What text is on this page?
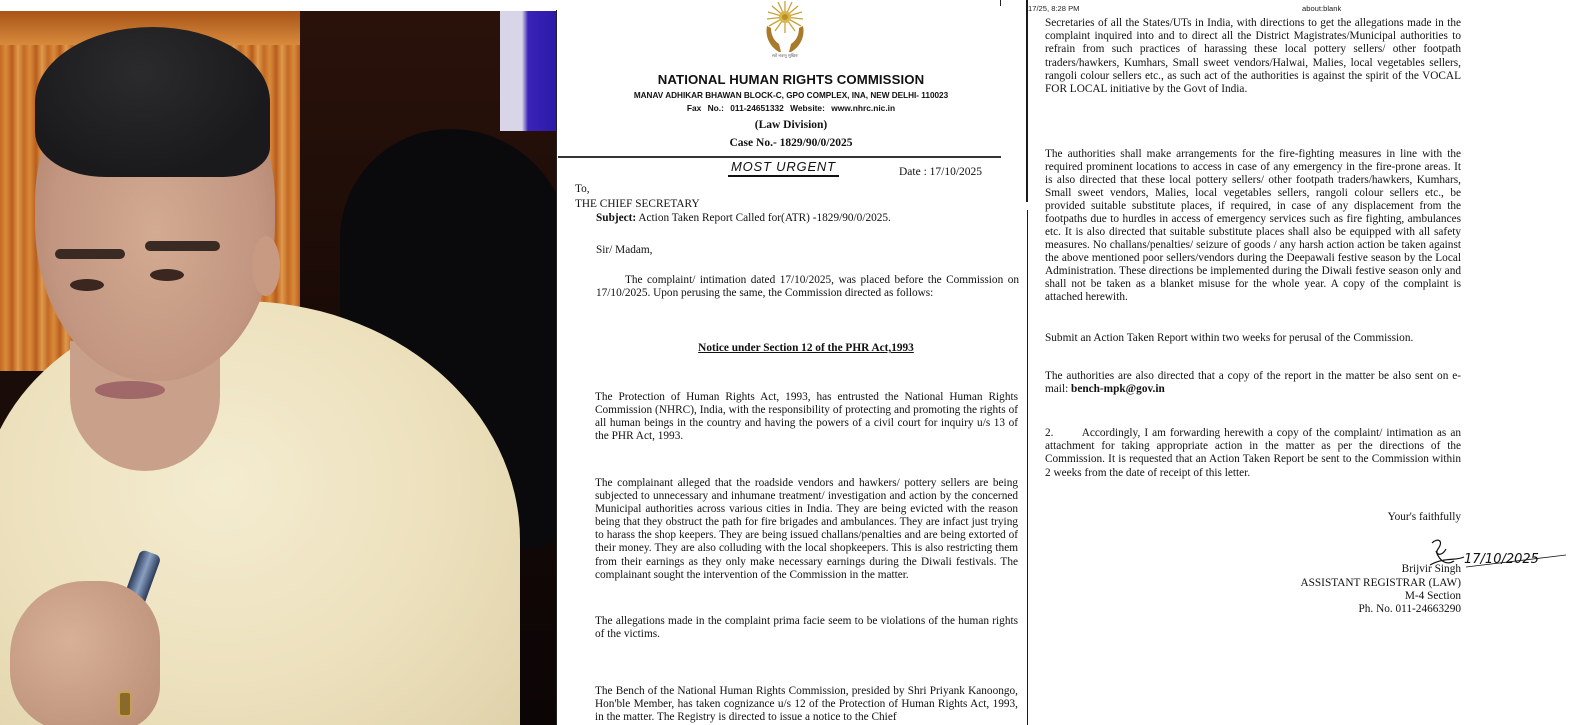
सर्वे भवन्तु सुखिनः
NATIONAL HUMAN RIGHTS COMMISSION
MANAV ADHIKAR BHAWAN BLOCK-C, GPO COMPLEX, INA, NEW DELHI- 110023
Fax No.: 011-24651332 Website: www.nhrc.nic.in
(Law Division)
Case No.- 1829/90/0/2025
MOST URGENT	Date : 17/10/2025
To,
THE CHIEF SECRETARY
Subject: Action Taken Report Called for(ATR) -1829/90/0/2025.
Sir/ Madam,
The complaint/ intimation dated 17/10/2025, was placed before the Commission on 17/10/2025. Upon perusing the same, the Commission directed as follows:
Notice under Section 12 of the PHR Act,1993
The Protection of Human Rights Act, 1993, has entrusted the National Human Rights Commission (NHRC), India, with the responsibility of protecting and promoting the rights of all human beings in the country and having the powers of a civil court for inquiry u/s 13 of the PHR Act, 1993.
The complainant alleged that the roadside vendors and hawkers/ pottery sellers are being subjected to unnecessary and inhumane treatment/ investigation and action by the concerned Municipal authorities across various cities in India. They are being evicted with the reason being that they obstruct the path for fire brigades and ambulances. They are infact just trying to harass the shop keepers. They are being issued challans/penalties and are being extorted of their money. They are also colluding with the local shopkeepers. This is also restricting them from their earnings as they only make necessary earnings during the Diwali festivals. The complainant sought the intervention of the Commission in the matter.
The allegations made in the complaint prima facie seem to be violations of the human rights of the victims.
The Bench of the National Human Rights Commission, presided by Shri Priyank Kanoongo, Hon'ble Member, has taken cognizance u/s 12 of the Protection of Human Rights Act, 1993, in the matter. The Registry is directed to issue a notice to the Chief
17/25, 8:28 PM	about:blank
Secretaries of all the States/UTs in India, with directions to get the allegations made in the complaint inquired into and to direct all the District Magistrates/Municipal authorities to refrain from such practices of harassing these local pottery sellers/ other footpath traders/hawkers, Kumhars, Small sweet vendors/Halwai, Malies, local vegetables sellers, rangoli colour sellers etc., as such act of the authorities is against the spirit of the VOCAL FOR LOCAL initiative by the Govt of India.
The authorities shall make arrangements for the fire-fighting measures in line with the required prominent locations to access in case of any emergency in the fire-prone areas. It is also directed that these local pottery sellers/ other footpath traders/hawkers, Kumhars, Small sweet vendors, Malies, local vegetables sellers, rangoli colour sellers etc., be provided suitable substitute places, if required, in case of any displacement from the footpaths due to hurdles in access of emergency services such as fire fighting, ambulances etc. It is also directed that suitable substitute places shall also be equipped with all safety measures. No challans/penalties/ seizure of goods / any harsh action action be taken against the above mentioned poor sellers/vendors during the Deepawali festive season by the Local Administration. These directions be implemented during the Diwali festive season only and shall not be taken as a blanket misuse for the whole year. A copy of the complaint is attached herewith.
Submit an Action Taken Report within two weeks for perusal of the Commission.
The authorities are also directed that a copy of the report in the matter be also sent on e-mail: bench-mpk@gov.in
2.       Accordingly, I am forwarding herewith a copy of the complaint/ intimation as an attachment for taking appropriate action in the matter as per the directions of the Commission. It is requested that an Action Taken Report be sent to the Commission within 2 weeks from the date of receipt of this letter.
Your's faithfully
17/10/2025
Brijvir Singh
ASSISTANT REGISTRAR (LAW)
M-4 Section
Ph. No. 011-24663290
